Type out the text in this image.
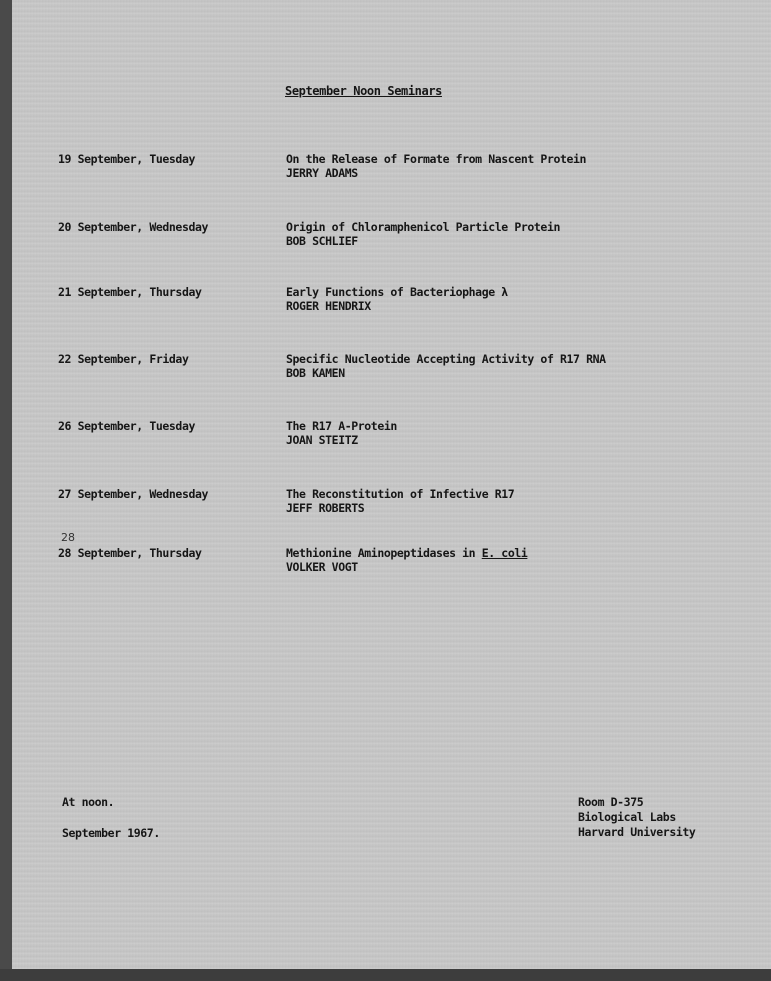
September Noon Seminars
19 September, Tuesday	On the Release of Formate from Nascent Protein
JERRY ADAMS
20 September, Wednesday	Origin of Chloramphenicol Particle Protein
BOB SCHLIEF
21 September, Thursday	Early Functions of Bacteriophage λ
ROGER HENDRIX
22 September, Friday	Specific Nucleotide Accepting Activity of R17 RNA
BOB KAMEN
26 September, Tuesday	The R17 A-Protein
JOAN STEITZ
27 September, Wednesday	The Reconstitution of Infective R17
JEFF ROBERTS
28
28 September, Thursday	Methionine Aminopeptidases in E. coli
VOLKER VOGT
At noon.
September 1967.
Room D-375
Biological Labs
Harvard University
